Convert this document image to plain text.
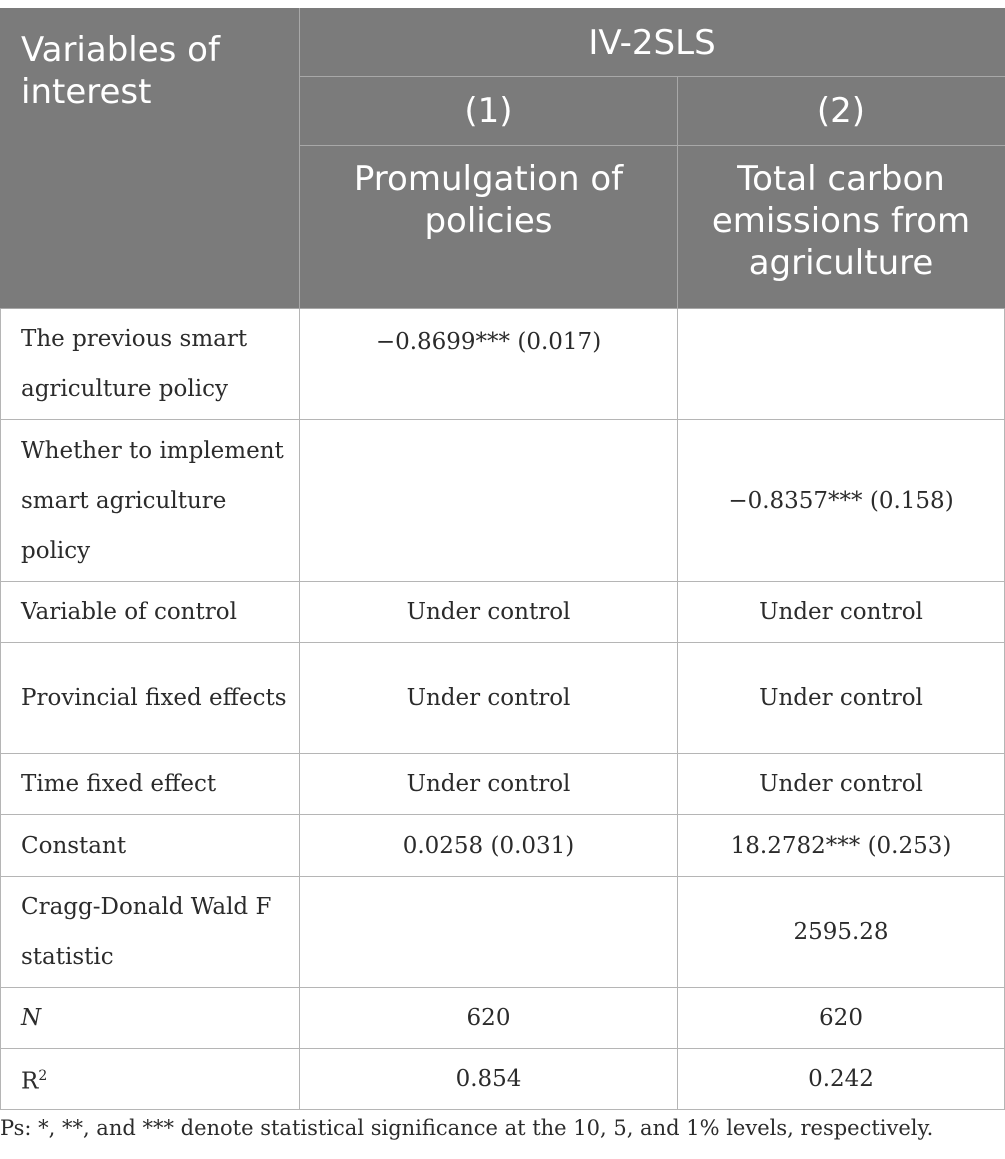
Variables of interest	IV-2SLS	
	(1)	(2)
	Promulgation of policies	Total carbon emissions from agriculture
The previous smart agriculture policy	−0.8699*** (0.017)	
Whether to implement smart agriculture policy		−0.8357*** (0.158)
Variable of control	Under control	Under control
Provincial fixed effects	Under control	Under control
Time fixed effect	Under control	Under control
Constant	0.0258 (0.031)	18.2782*** (0.253)
Cragg-Donald Wald F statistic		2595.28
N	620	620
$R^2$	0.854	0.242
Ps: *, **, and *** denote statistical significance at the 10, 5, and 1% levels, respectively.
